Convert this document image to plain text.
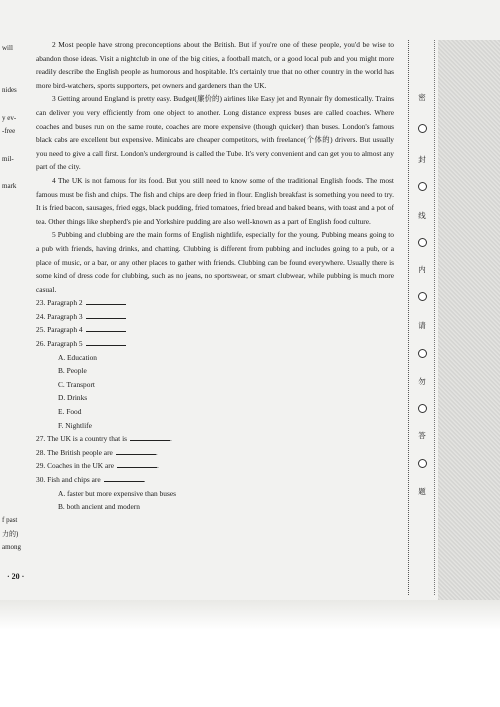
will
nides
y ev-
-free
mil-
mark
f past
力的)
among

2 Most people have strong preconceptions about the British. But if you're one of these people, you'd be wise to abandon those ideas. Visit a nightclub in one of the big cities, a football match, or a good local pub and you might more readily describe the English people as humorous and hospitable. It's certainly true that no other country in the world has more bird-watchers, sports supporters, pet owners and gardeners than the UK.

3 Getting around England is pretty easy. Budget(廉价的) airlines like Easy jet and Rynnair fly domestically. Trains can deliver you very efficiently from one object to another. Long distance express buses are called coaches. Where coaches and buses run on the same route, coaches are more expensive (though quicker) than buses. London's famous black cabs are excellent but expensive. Minicabs are cheaper competitors, with freelance(个体的) drivers. But usually you need to give a call first. London's underground is called the Tube. It's very convenient and can get you to almost any part of the city.

4 The UK is not famous for its food. But you still need to know some of the traditional English foods. The most famous must be fish and chips. The fish and chips are deep fried in flour. English breakfast is something you need to try. It is fried bacon, sausages, fried eggs, black pudding, fried tomatoes, fried bread and baked beans, with toast and a pot of tea. Other things like shepherd's pie and Yorkshire pudding are also well-known as a part of English food culture.

5 Pubbing and clubbing are the main forms of English nightlife, especially for the young. Pubbing means going to a pub with friends, having drinks, and chatting. Clubbing is different from pubbing and includes going to a pub, or a place of music, or a bar, or any other places to gather with friends. Clubbing can be found everywhere. Usually there is some kind of dress code for clubbing, such as no jeans, no sportswear, or smart clubwear, while pubbing is much more casual.

23. Paragraph 2
24. Paragraph 3
25. Paragraph 4
26. Paragraph 5
A. Education
B. People
C. Transport
D. Drinks
E. Food
F. Nightlife
27. The UK is a country that is	.
28. The British people are	.
29. Coaches in the UK are	.
30. Fish and chips are	.
A. faster but more expensive than buses
B. both ancient and modern
· 20 ·
密
封
线
内
请
勿
答
题
